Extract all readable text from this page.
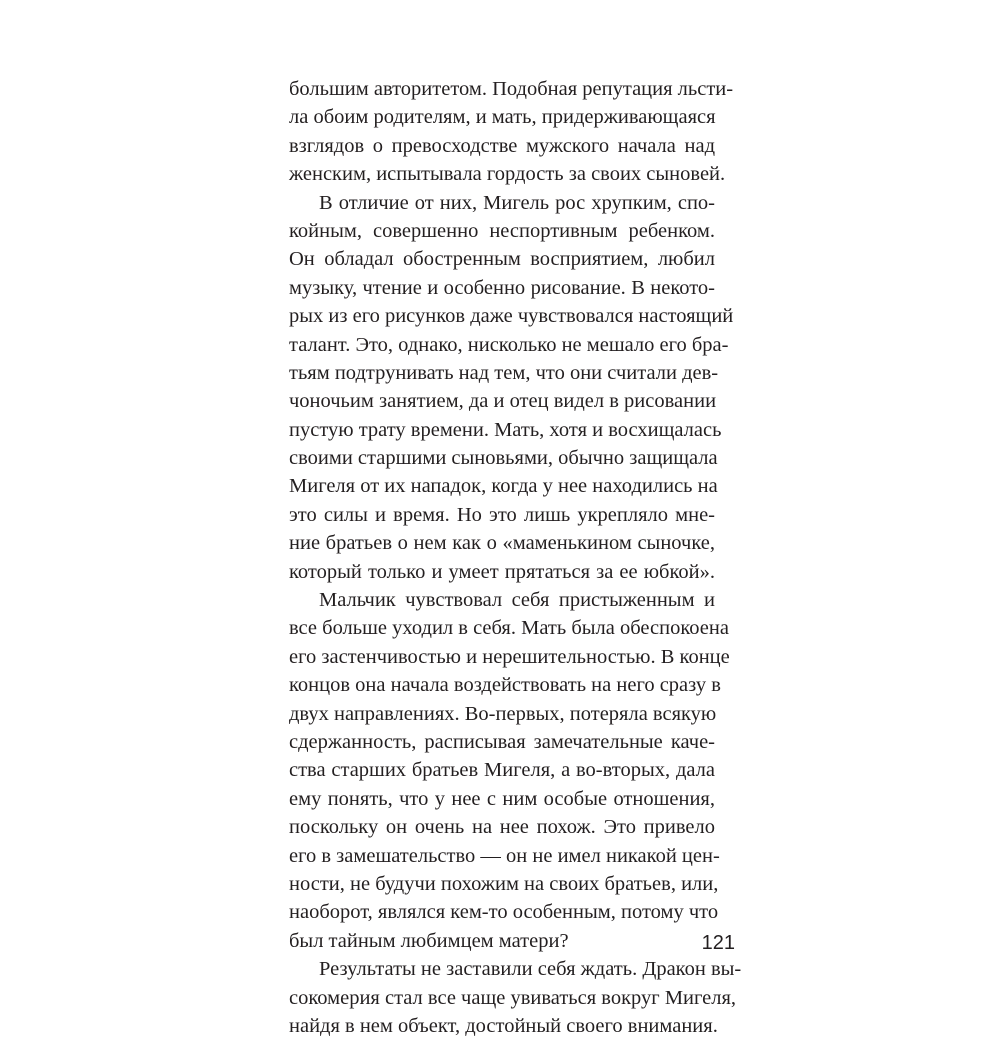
большим авторитетом. Подобная репутация льсти-
ла обоим родителям, и мать, придерживающаяся
взглядов о превосходстве мужского начала над
женским, испытывала гордость за своих сыновей.
В отличие от них, Мигель рос хрупким, спо-
койным, совершенно неспортивным ребенком.
Он обладал обостренным восприятием, любил
музыку, чтение и особенно рисование. В некото-
рых из его рисунков даже чувствовался настоящий
талант. Это, однако, нисколько не мешало его бра-
тьям подтрунивать над тем, что они считали дев-
чоночьим занятием, да и отец видел в рисовании
пустую трату времени. Мать, хотя и восхищалась
своими старшими сыновьями, обычно защищала
Мигеля от их нападок, когда у нее находились на
это силы и время. Но это лишь укрепляло мне-
ние братьев о нем как о «маменькином сыночке,
который только и умеет прятаться за ее юбкой».
Мальчик чувствовал себя пристыженным и
все больше уходил в себя. Мать была обеспокоена
его застенчивостью и нерешительностью. В конце
концов она начала воздействовать на него сразу в
двух направлениях. Во-первых, потеряла всякую
сдержанность, расписывая замечательные каче-
ства старших братьев Мигеля, а во-вторых, дала
ему понять, что у нее с ним особые отношения,
поскольку он очень на нее похож. Это привело
его в замешательство — он не имел никакой цен-
ности, не будучи похожим на своих братьев, или,
наоборот, являлся кем-то особенным, потому что
был тайным любимцем матери?
Результаты не заставили себя ждать. Дракон вы-
сокомерия стал все чаще увиваться вокруг Мигеля,
найдя в нем объект, достойный своего внимания.
121
